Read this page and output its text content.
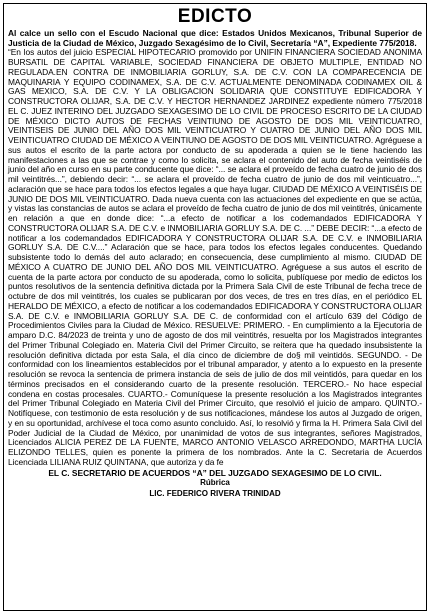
EDICTO

Al calce un sello con el Escudo Nacional que dice: Estados Unidos Mexicanos, Tribunal Superior de Justicia de la Ciudad de México, Juzgado Sexagésimo de lo Civil, Secretaría “A”, Expediente 775/2018.

“En los autos del juicio ESPECIAL HIPOTECARIO promovido por UNIFIN FINANCIERA SOCIEDAD ANONIMA BURSATIL DE CAPITAL VARIABLE, SOCIEDAD FINANCIERA DE OBJETO MULTIPLE, ENTIDAD NO REGULADA.EN CONTRA DE INMOBILIARIA GORLUY, S.A. DE C.V. CON LA COMPARECENCIA DE MAQUINARIA Y EQUIPO CODINAMEX, S.A. DE C.V. ACTUALMENTE DENOMINADA CODINAMEX OIL & GAS MEXICO, S.A. DE C.V. Y LA OBLIGACION SOLIDARIA QUE CONSTITUYE EDIFICADORA Y CONSTRUCTORA OLIJAR, S.A. DE C.V. Y HECTOR HERNANDEZ JARDINEZ expediente número 775/2018 EL C. JUEZ INTERINO DEL JUZGADO SEXAGESIMO DE LO CIVIL DE PROCESO ESCRITO DE LA CIUDAD DE MÉXICO DICTO AUTOS DE FECHAS VEINTIUNO DE AGOSTO DE DOS MIL VEINTICUATRO, VEINTISEIS DE JUNIO DEL AÑO DOS MIL VEINTICUATRO Y CUATRO DE JUNIO DEL AÑO DOS MIL VEINTICUATRO CIUDAD DE MÉXICO A VEINTIUNO DE AGOSTO DE DOS MIL VEINTICUATRO. Agréguese a sus autos el escrito de la parte actora por conducto de su apoderada a quien se le tiene haciendo las manifestaciones a las que se contrae y como lo solicita, se aclara el contenido del auto de fecha veintiséis de junio del año en curso en su parte conducente que dice: “... se aclara el proveído de fecha cuatro de junio de dos mil veintitrés...”, debiendo decir: “... se aclara el proveído de fecha cuatro de junio de dos mil veinticuatro...”, aclaración que se hace para todos los efectos legales a que haya lugar. CIUDAD DE MÉXICO A VEINTISÉIS DE JUNIO DE DOS MIL VEINTICUATRO. Dada nueva cuenta con las actuaciones del expediente en que se actúa, y vistas las constancias de autos se aclara el proveído de fecha cuatro de junio de dos mil veintitrés, únicamente en relación a que en donde dice: “...a efecto de notificar a los codemandados EDIFICADORA Y CONSTRUCTORA OLIJAR S.A. DE C.V. e INMOBILIARIA GORLUY S.A. DE C. ...” DEBE DECIR: “...a efecto de notificar a los codemandados EDIFICADORA Y CONSTRUCTORA OLIJAR S.A. DE C.V. e INMOBILIARIA GORLUY S.A. DE C.V....” Aclaración que se hace, para todos los efectos legales conducentes. Quedando subsistente todo lo demás del auto aclarado; en consecuencia, dese cumplimiento al mismo. CIUDAD DE MÉXICO A CUATRO DE JUNIO DEL AÑO DOS MIL VEINTICUATRO. Agréguese a sus autos el escrito de cuenta de la parte actora por conducto de su apoderada, como lo solicita, publíquese por medio de edictos los puntos resolutivos de la sentencia definitiva dictada por la Primera Sala Civil de este Tribunal de fecha trece de octubre de dos mil veintitrés, los cuales se publicaran por dos veces, de tres en tres días, en el periódico EL HERALDO DE MÉXICO, a efecto de notificar a los codemandados EDIFICADORA Y CONSTRUCTORA OLIJAR S.A. DE C.V. e INMOBILIARIA GORLUY S.A. DE C. de conformidad con el artículo 639 del Código de Procedimientos Civiles para la Ciudad de México. RESUELVE: PRIMERO. - En cumplimiento a la Ejecutoria de amparo D.C. 84/2023 de treinta y uno de agosto de dos mil veintitrés, resuelta por los Magistrados integrantes del Primer Tribunal Colegiado en. Materia Civil del Primer Circuito, se reitera que ha quedado insubsistente la resolución definitiva dictada por esta Sala, el día cinco de diciembre de do§ mil veintidós. SEGUNDO. - De conformidad con los lineamientos establecidos por el tribunal amparador, y atento a lo expuesto en la presente resolución se revoca la sentencia de primera instancia de seis de julio de dos mil veintidós, para quedar en los términos precisados en el considerando cuarto de la presente resolución. TERCERO.- No hace especial condena en costas procesales. CUARTO.- Comuníquese la presente resolución a los Magistrados integrantes del Primer Tribunal Colegiado en Materia Civil del Primer Circuito, que resolvió el juicio de amparo. QUINTO.- Notifíquese, con testimonio de esta resolución y de sus notificaciones, mándese los autos al Juzgado de origen, y en su oportunidad, archívese el toca como asunto concluido. Así, lo resolvió y firma la H. Primera Sala Civil del Poder Judicial de la Ciudad de México, por unanimidad de votos de sus integrantes, señores Magistrados, Licenciados ALICIA PEREZ DE LA FUENTE, MARCO ANTONIO VELASCO ARREDONDO, MARTHA LUCÍA ELIZONDO TELLES, quien es ponente la primera de los nombrados. Ante la C. Secretaria de Acuerdos Licenciada LILIANA RUIZ QUINTANA, que autoriza y da fe

EL C. SECRETARIO DE ACUERDOS “A” DEL JUZGADO SEXAGESIMO DE LO CIVIL.

Rúbrica

LIC. FEDERICO RIVERA TRINIDAD
